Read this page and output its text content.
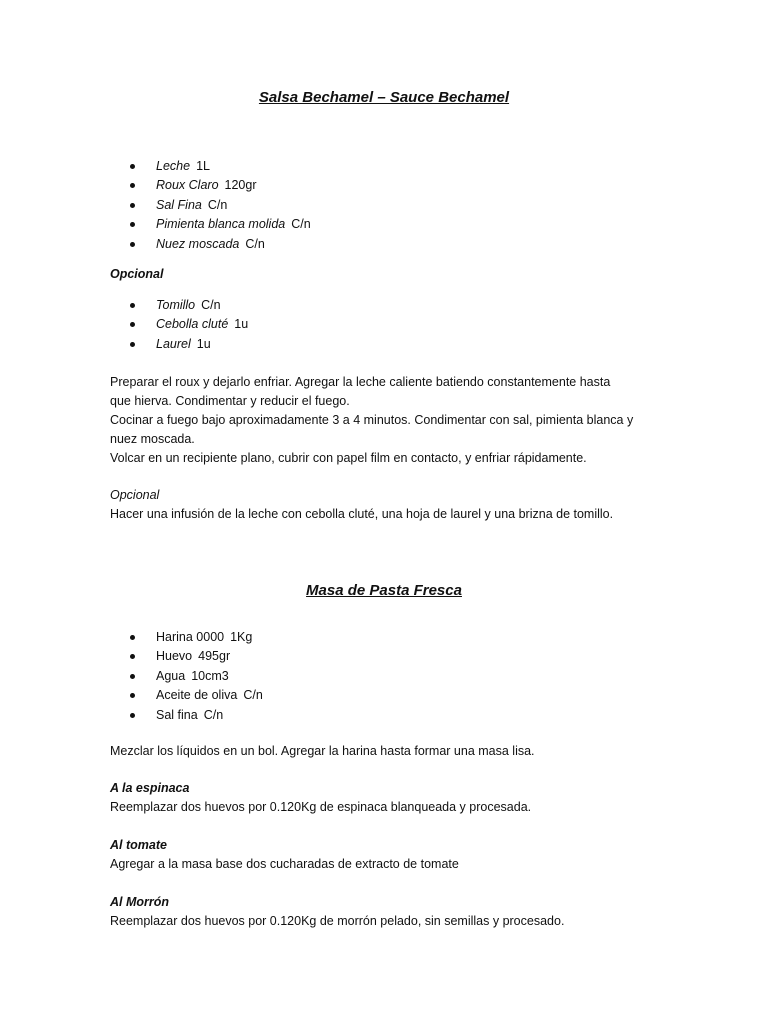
Salsa Bechamel – Sauce Bechamel
Leche 1L
Roux Claro 120gr
Sal Fina C/n
Pimienta blanca molida C/n
Nuez moscada C/n
Opcional
Tomillo C/n
Cebolla cluté 1u
Laurel 1u

Preparar el roux y dejarlo enfriar. Agregar la leche caliente batiendo constantemente hasta

que hierva. Condimentar y reducir el fuego.

Cocinar a fuego bajo aproximadamente 3 a 4 minutos. Condimentar con sal, pimienta blanca y

nuez moscada.

Volcar en un recipiente plano, cubrir con papel film en contacto, y enfriar rápidamente.

Opcional
Hacer una infusión de la leche con cebolla cluté, una hoja de laurel y una brizna de tomillo.
Masa de Pasta Fresca
Harina 0000 1Kg
Huevo 495gr
Agua 10cm3
Aceite de oliva C/n
Sal fina C/n
Mezclar los líquidos en un bol. Agregar la harina hasta formar una masa lisa.
A la espinaca
Reemplazar dos huevos por 0.120Kg de espinaca blanqueada y procesada.
Al tomate
Agregar a la masa base dos cucharadas de extracto de tomate
Al Morrón
Reemplazar dos huevos por 0.120Kg de morrón pelado, sin semillas y procesado.
